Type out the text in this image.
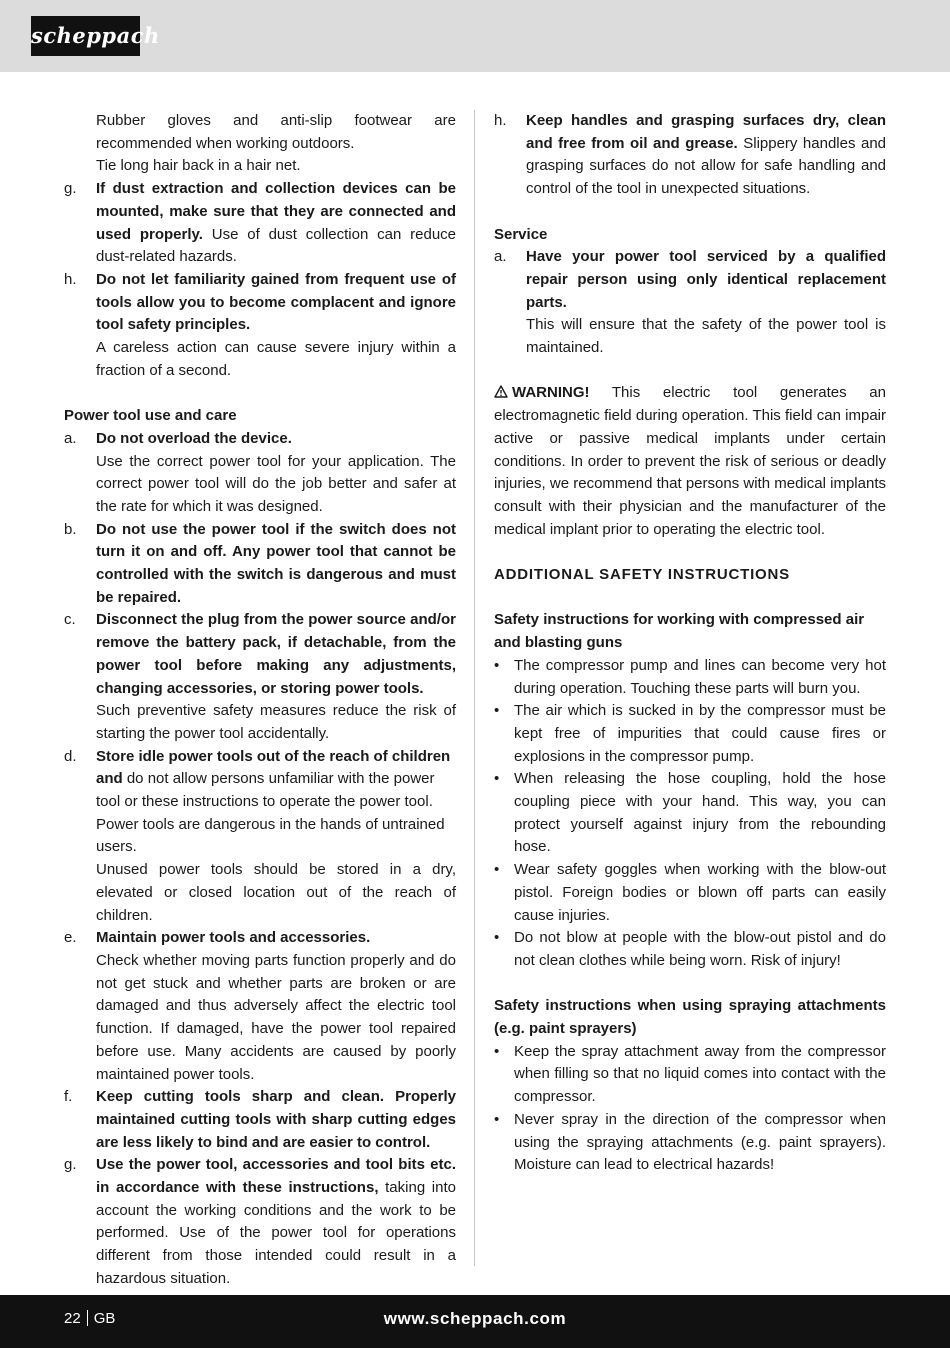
scheppach

Rubber gloves and anti-slip footwear are recommended when working outdoors.

Tie long hair back in a hair net.

g. If dust extraction and collection devices can be mounted, make sure that they are connected and used properly. Use of dust collection can reduce dust-related hazards.

h. Do not let familiarity gained from frequent use of tools allow you to become complacent and ignore tool safety principles.

A careless action can cause severe injury within a fraction of a second.

Power tool use and care

a. Do not overload the device.

Use the correct power tool for your application. The correct power tool will do the job better and safer at the rate for which it was designed.

b. Do not use the power tool if the switch does not turn it on and off. Any power tool that cannot be controlled with the switch is dangerous and must be repaired.

c. Disconnect the plug from the power source and/or remove the battery pack, if detachable, from the power tool before making any adjustments, changing accessories, or storing power tools.

Such preventive safety measures reduce the risk of starting the power tool accidentally.

d. Store idle power tools out of the reach of children and do not allow persons unfamiliar with the power tool or these instructions to operate the power tool. Power tools are dangerous in the hands of untrained users.

Unused power tools should be stored in a dry, elevated or closed location out of the reach of children.

e. Maintain power tools and accessories.

Check whether moving parts function properly and do not get stuck and whether parts are broken or are damaged and thus adversely affect the electric tool function. If damaged, have the power tool repaired before use. Many accidents are caused by poorly maintained power tools.

f. Keep cutting tools sharp and clean. Properly maintained cutting tools with sharp cutting edges are less likely to bind and are easier to control.

g. Use the power tool, accessories and tool bits etc. in accordance with these instructions, taking into account the working conditions and the work to be performed. Use of the power tool for operations different from those intended could result in a hazardous situation.

h. Keep handles and grasping surfaces dry, clean and free from oil and grease. Slippery handles and grasping surfaces do not allow for safe handling and control of the tool in unexpected situations.

Service

a. Have your power tool serviced by a qualified repair person using only identical replacement parts.

This will ensure that the safety of the power tool is maintained.

WARNING! This electric tool generates an electromagnetic field during operation. This field can impair active or passive medical implants under certain conditions. In order to prevent the risk of serious or deadly injuries, we recommend that persons with medical implants consult with their physician and the manufacturer of the medical implant prior to operating the electric tool.

ADDITIONAL SAFETY INSTRUCTIONS

Safety instructions for working with compressed air and blasting guns

• The compressor pump and lines can become very hot during operation. Touching these parts will burn you.

• The air which is sucked in by the compressor must be kept free of impurities that could cause fires or explosions in the compressor pump.

• When releasing the hose coupling, hold the hose coupling piece with your hand. This way, you can protect yourself against injury from the rebounding hose.

• Wear safety goggles when working with the blow-out pistol. Foreign bodies or blown off parts can easily cause injuries.

• Do not blow at people with the blow-out pistol and do not clean clothes while being worn. Risk of injury!

Safety instructions when using spraying attachments (e.g. paint sprayers)

• Keep the spray attachment away from the compressor when filling so that no liquid comes into contact with the compressor.

• Never spray in the direction of the compressor when using the spraying attachments (e.g. paint sprayers). Moisture can lead to electrical hazards!

22 GB	www.scheppach.com
